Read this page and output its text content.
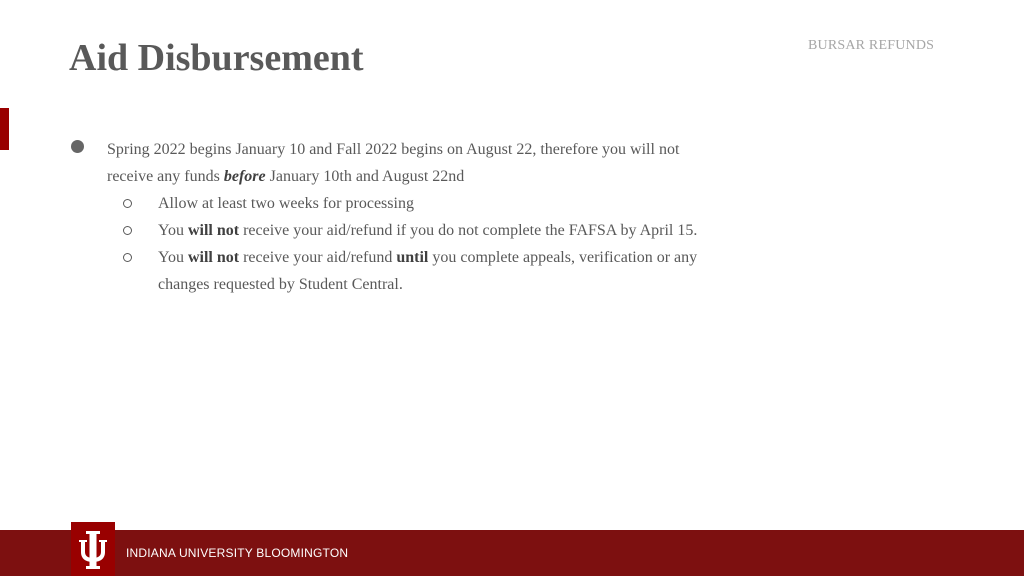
Aid Disbursement	BURSAR REFUNDS
Spring 2022 begins January 10 and Fall 2022 begins on August 22, therefore you will not
receive any funds before January 10th and August 22nd
Allow at least two weeks for processing
You will not receive your aid/refund if you do not complete the FAFSA by April 15.
You will not receive your aid/refund until you complete appeals, verification or any
changes requested by Student Central.
INDIANA UNIVERSITY BLOOMINGTON
